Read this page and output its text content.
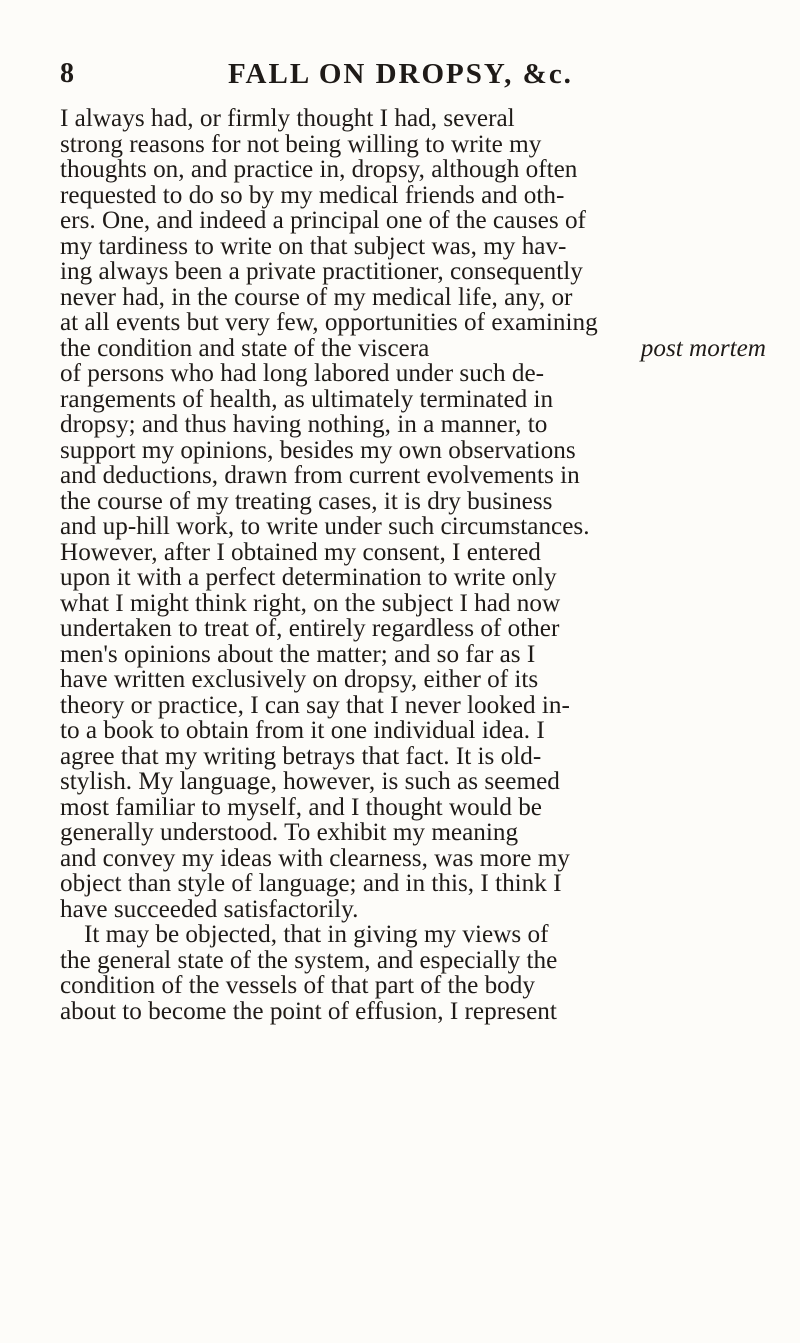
8	FALL ON DROPSY, &c.
I always had, or firmly thought I had, several
strong reasons for not being willing to write my
thoughts on, and practice in, dropsy, although often
requested to do so by my medical friends and oth-
ers. One, and indeed a principal one of the causes of
my tardiness to write on that subject was, my hav-
ing always been a private practitioner, consequently
never had, in the course of my medical life, any, or
at all events but very few, opportunities of examining
the condition and state of the viscera	post mortem
of persons who had long labored under such de-
rangements of health, as ultimately terminated in
dropsy; and thus having nothing, in a manner, to
support my opinions, besides my own observations
and deductions, drawn from current evolvements in
the course of my treating cases, it is dry business
and up-hill work, to write under such circumstances.
However, after I obtained my consent, I entered
upon it with a perfect determination to write only
what I might think right, on the subject I had now
undertaken to treat of, entirely regardless of other
men's opinions about the matter; and so far as I
have written exclusively on dropsy, either of its
theory or practice, I can say that I never looked in-
to a book to obtain from it one individual idea. I
agree that my writing betrays that fact. It is old-
stylish. My language, however, is such as seemed
most familiar to myself, and I thought would be
generally understood. To exhibit my meaning
and convey my ideas with clearness, was more my
object than style of language; and in this, I think I
have succeeded satisfactorily.
It may be objected, that in giving my views of
the general state of the system, and especially the
condition of the vessels of that part of the body
about to become the point of effusion, I represent
